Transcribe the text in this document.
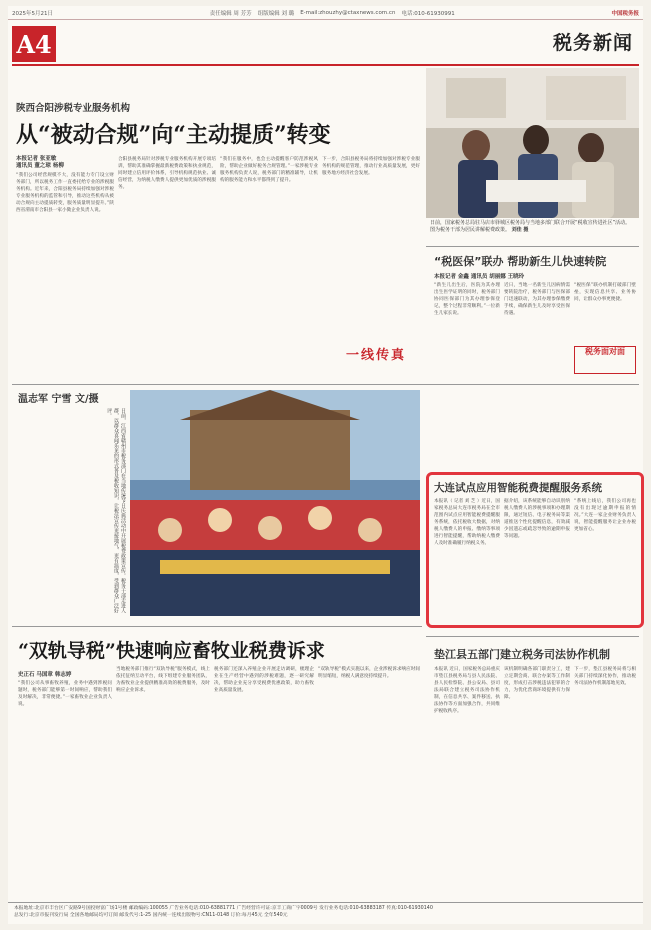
2025年5月21日	责任编辑 周 芳芳 组版编辑 刘 璐 E-mail:zhouzhy@ctaxnews.com.cn 电话:010-61930991	中国税务报
A4	税务新闻
陕西合阳涉税专业服务机构
从“被动合规”向“主动提质”转变
本报记者 张亚敏
通讯员 董之琼 杨柳
“我们公司经营规模不大，没有能力专门设立财务部门，所以税务工作一直委托给专业的涉税服务机构。近年来，合阳县税务局持续加强对涉税专业服务机构的监管和引导，推动这些机构从被动合规向主动提质转变，服务质量明显提升。”陕西省渭南市合阳县一家小微企业负责人说。
合阳县税务局针对涉税专业服务机构开展专项培训，帮助其准确掌握最新税费政策和执业规范，同时建立信用评价体系，引导机构规范执业、诚信经营，为纳税人缴费人提供更加优质的涉税服务。
“我们在服务中，也会主动提醒客户防范涉税风险，帮助企业做好税务合规管理。”一家涉税专业服务机构负责人说，税务部门的精准辅导，让机构的服务能力和水平都得到了提升。
下一步，合阳县税务局将持续加强对涉税专业服务机构的规范管理，推动行业高质量发展，更好服务地方经济社会发展。
一线传真
日前，国家税务总局驻马店市驿城区税务局与当地多部门联合开展“税收宣传进社区”活动。图为税务干部为居民讲解税费政策。 刘佳 摄
“税医保”联办 帮助新生儿快速转院
本报记者 金鑫 通讯员 胡丽娜 王晓玲
“新生儿出生后，医院为其办理出生医学证明的同时，税务部门协同医保部门为其办理参保登记，整个过程非常顺利。”一位新生儿家长说。
近日，当地一名新生儿因病情需要转院治疗，税务部门与医保部门迅速联动，为其办理参保缴费手续，确保新生儿及时享受医保待遇。
“税医保”联办机制打破部门壁垒，实现信息共享、业务协同，让群众办事更便捷。
税务面对面
温志军 宁雪 文/摄
日前，江西省赣州市税务部门在当地传统节日庆典活动中开展税费政策宣传。税务干部走进人群，以群众喜闻乐见的形式普及税收知识，让税法宣传更接地气、更有温度，受到群众广泛好评。
大连试点应用智能税费提醒服务系统
本报讯（ 记者 刘 芝 ）近日，国家税务总局大连市税务局在全市范围内试点应用智能税费提醒服务系统，依托税收大数据，对纳税人缴费人的申报、缴纳等事项进行智能提醒，帮助纳税人缴费人及时准确履行纳税义务。
据介绍，该系统能够自动识别纳税人缴费人的涉税事项和办理期限，通过短信、电子税务局等渠道推送个性化提醒信息，有效减少因遗忘或疏忽导致的逾期申报等问题。
“系统上线后，我们公司再也没有出现过逾期申报的情况。”大连一家企业财务负责人说，智能提醒服务让企业办税更加省心。
垫江县五部门建立税务司法协作机制
本报讯 近日，国家税务总局重庆市垫江县税务局与县人民法院、县人民检察院、县公安局、县司法局联合建立税务司法协作机制，在信息共享、案件移送、执法协作等方面加强合作，共同维护税收秩序。
该机制明确各部门职责分工，建立定期会商、联合办案等工作制度，形成打击涉税违法犯罪的合力，为优化营商环境提供有力保障。
下一步，垫江县税务局将与相关部门持续深化协作，推动税务司法协作机制落地见效。
“双轨导税”快速响应畜牧业税费诉求
史正石 马国章 韩志婷
“我们公司从事畜牧养殖，业务中遇到涉税问题时，税务部门能够第一时间响应，帮助我们及时解决，非常便捷。”一家畜牧业企业负责人说。
当地税务部门推行“双轨导税”服务模式，线上依托征纳互动平台，线下组建专业服务团队，为畜牧业企业提供精准高效的税费服务，及时响应企业诉求。
税务部门还深入养殖企业开展走访调研，梳理企业在生产经营中遇到的涉税难题，逐一研究解决，帮助企业充分享受税费优惠政策，助力畜牧业高质量发展。
“双轨导税”模式实施以来，企业涉税诉求响应时间明显缩短，纳税人满意度持续提升。
本报地址:北京市丰台区广安路9号国投财富广场1号楼 邮政编码:100055 广告业务电话:010-63881771 广告经营许可证:京丰工商广字0009号 发行业务电话:010-63883187 传真:010-61930140
总发行:北京市报刊发行局 全国各地邮局均可订阅 邮发代号:1-25 国内统一连续出版物号:CN11-0148 订价:每月45元 全年540元
